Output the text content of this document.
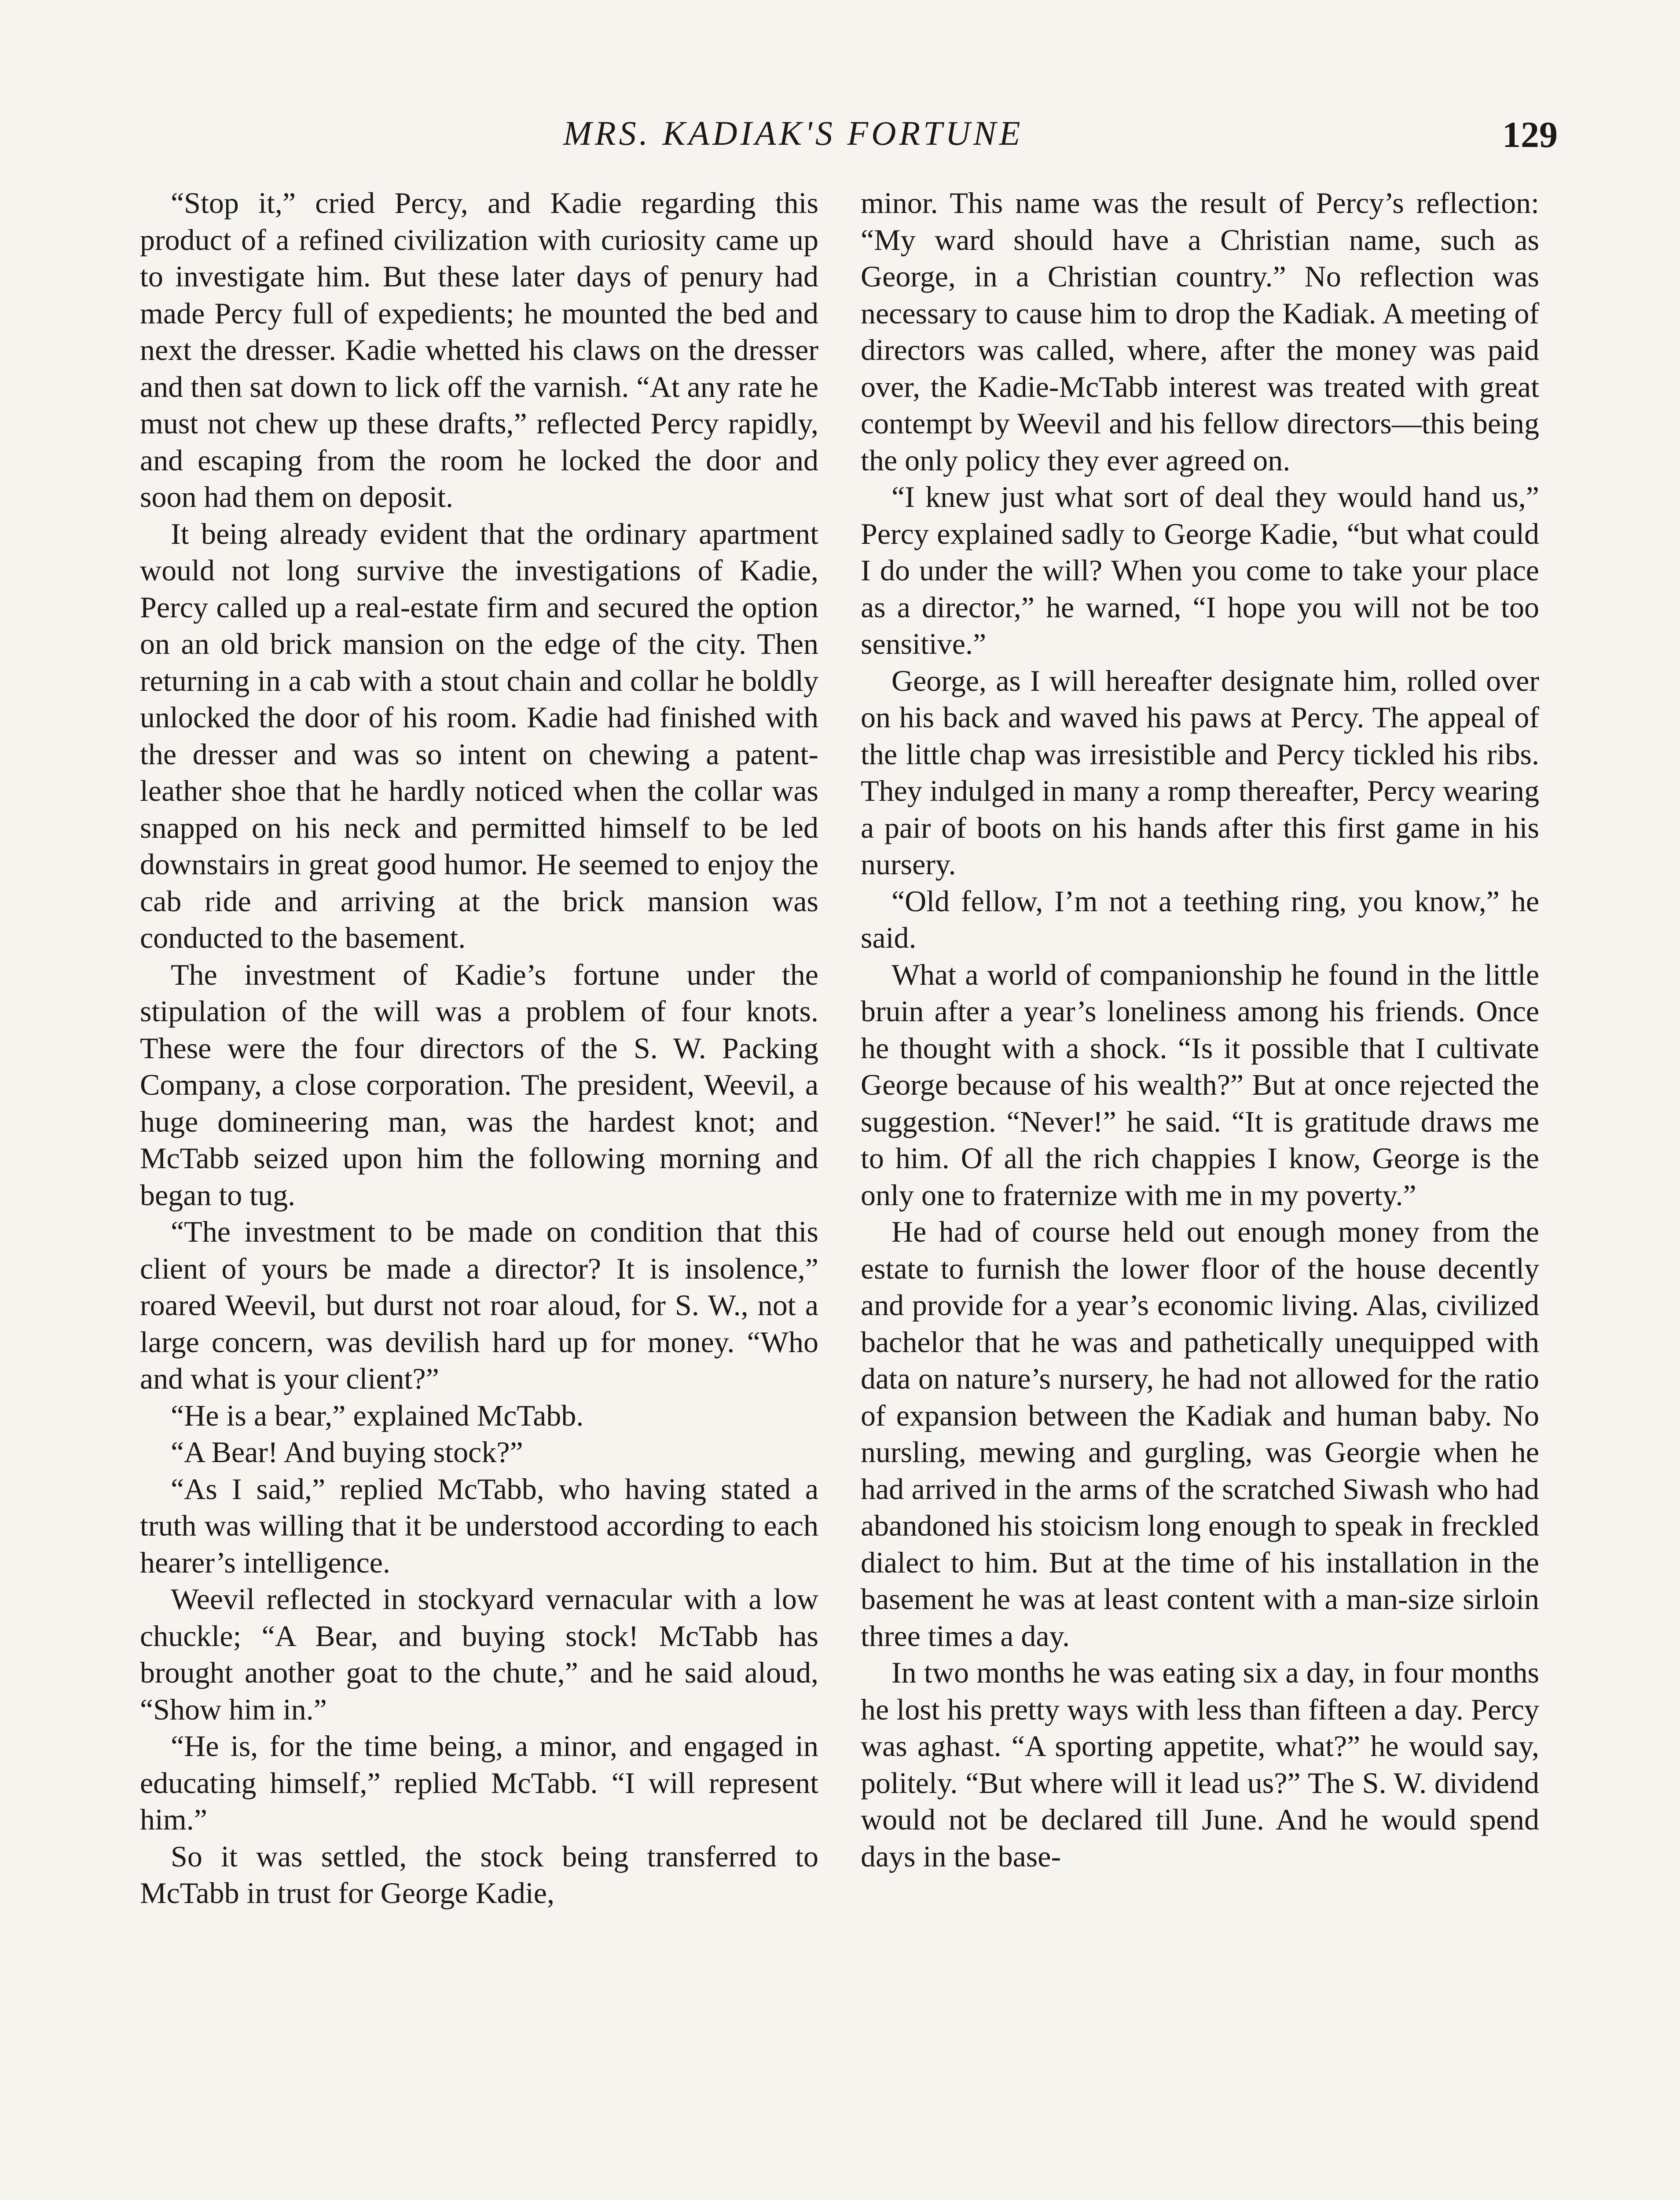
MRS. KADIAK'S FORTUNE	129

“Stop it,” cried Percy, and Kadie regarding this product of a refined civilization with curiosity came up to investigate him. But these later days of penury had made Percy full of expedients; he mounted the bed and next the dresser. Kadie whetted his claws on the dresser and then sat down to lick off the varnish. “At any rate he must not chew up these drafts,” reflected Percy rapidly, and escaping from the room he locked the door and soon had them on deposit.

It being already evident that the ordinary apartment would not long survive the investigations of Kadie, Percy called up a real-estate firm and secured the option on an old brick mansion on the edge of the city. Then returning in a cab with a stout chain and collar he boldly unlocked the door of his room. Kadie had finished with the dresser and was so intent on chewing a patent-leather shoe that he hardly noticed when the collar was snapped on his neck and permitted himself to be led downstairs in great good humor. He seemed to enjoy the cab ride and arriving at the brick mansion was conducted to the basement.

The investment of Kadie’s fortune under the stipulation of the will was a problem of four knots. These were the four directors of the S. W. Packing Company, a close corporation. The president, Weevil, a huge domineering man, was the hardest knot; and McTabb seized upon him the following morning and began to tug.

“The investment to be made on condition that this client of yours be made a director? It is insolence,” roared Weevil, but durst not roar aloud, for S. W., not a large concern, was devilish hard up for money. “Who and what is your client?”

“He is a bear,” explained McTabb.

“A Bear! And buying stock?”

“As I said,” replied McTabb, who having stated a truth was willing that it be understood according to each hearer’s intelligence.

Weevil reflected in stockyard vernacular with a low chuckle; “A Bear, and buying stock! McTabb has brought another goat to the chute,” and he said aloud, “Show him in.”

“He is, for the time being, a minor, and engaged in educating himself,” replied McTabb. “I will represent him.”

So it was settled, the stock being transferred to McTabb in trust for George Kadie,

minor. This name was the result of Percy’s reflection: “My ward should have a Christian name, such as George, in a Christian country.” No reflection was necessary to cause him to drop the Kadiak. A meeting of directors was called, where, after the money was paid over, the Kadie-McTabb interest was treated with great contempt by Weevil and his fellow directors—this being the only policy they ever agreed on.

“I knew just what sort of deal they would hand us,” Percy explained sadly to George Kadie, “but what could I do under the will? When you come to take your place as a director,” he warned, “I hope you will not be too sensitive.”

George, as I will hereafter designate him, rolled over on his back and waved his paws at Percy. The appeal of the little chap was irresistible and Percy tickled his ribs. They indulged in many a romp thereafter, Percy wearing a pair of boots on his hands after this first game in his nursery.

“Old fellow, I’m not a teething ring, you know,” he said.

What a world of companionship he found in the little bruin after a year’s loneliness among his friends. Once he thought with a shock. “Is it possible that I cultivate George because of his wealth?” But at once rejected the suggestion. “Never!” he said. “It is gratitude draws me to him. Of all the rich chappies I know, George is the only one to fraternize with me in my poverty.”

He had of course held out enough money from the estate to furnish the lower floor of the house decently and provide for a year’s economic living. Alas, civilized bachelor that he was and pathetically unequipped with data on nature’s nursery, he had not allowed for the ratio of expansion between the Kadiak and human baby. No nursling, mewing and gurgling, was Georgie when he had arrived in the arms of the scratched Siwash who had abandoned his stoicism long enough to speak in freckled dialect to him. But at the time of his installation in the basement he was at least content with a man-size sirloin three times a day.

In two months he was eating six a day, in four months he lost his pretty ways with less than fifteen a day. Percy was aghast. “A sporting appetite, what?” he would say, politely. “But where will it lead us?” The S. W. dividend would not be declared till June. And he would spend days in the base-
